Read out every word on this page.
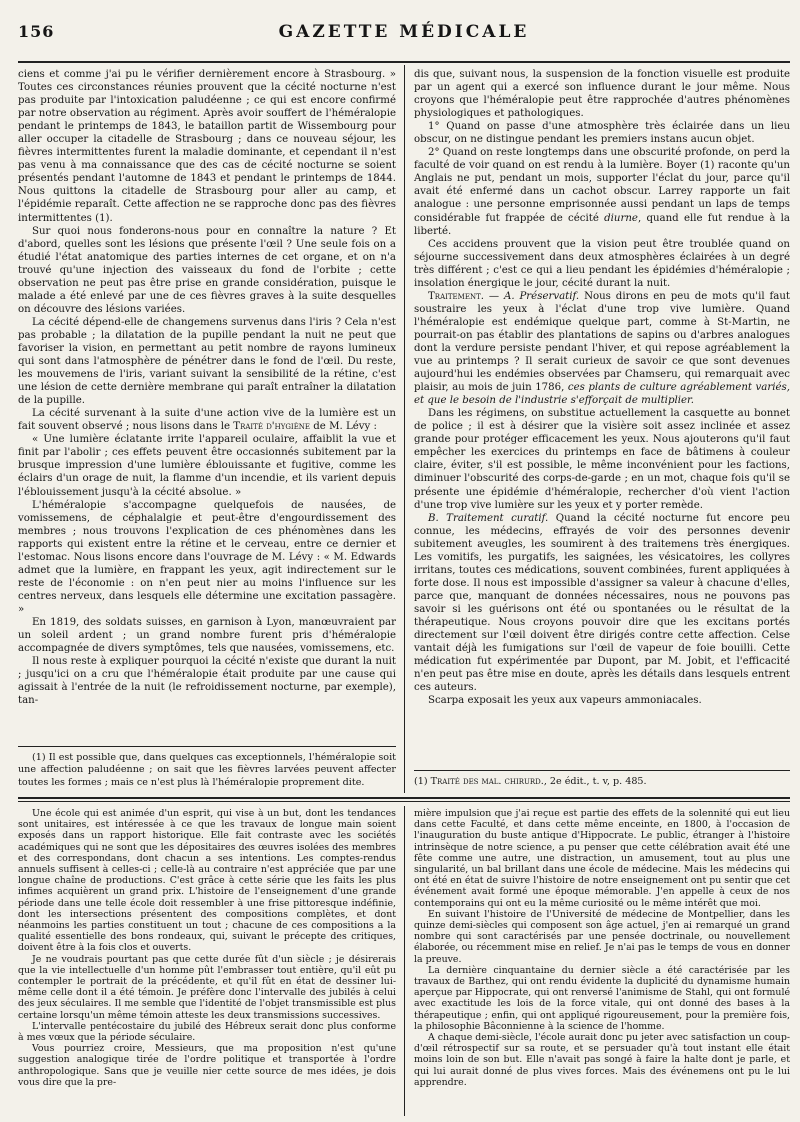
156	GAZETTE MÉDICALE

ciens et comme j'ai pu le vérifier dernièrement encore à Strasbourg. » Toutes ces circonstances réunies prouvent que la cécité nocturne n'est pas produite par l'intoxication paludéenne ; ce qui est encore confirmé par notre observation au régiment. Après avoir souffert de l'héméralopie pendant le printemps de 1843, le bataillon partit de Wissembourg pour aller occuper la citadelle de Strasbourg ; dans ce nouveau séjour, les fièvres intermittentes furent la maladie dominante, et cependant il n'est pas venu à ma connaissance que des cas de cécité nocturne se soient présentés pendant l'automne de 1843 et pendant le printemps de 1844. Nous quittons la citadelle de Strasbourg pour aller au camp, et l'épidémie reparaît. Cette affection ne se rapproche donc pas des fièvres intermittentes (1).

Sur quoi nous fonderons-nous pour en connaître la nature ? Et d'abord, quelles sont les lésions que présente l'œil ? Une seule fois on a étudié l'état anatomique des parties internes de cet organe, et on n'a trouvé qu'une injection des vaisseaux du fond de l'orbite ; cette observation ne peut pas être prise en grande considération, puisque le malade a été enlevé par une de ces fièvres graves à la suite desquelles on découvre des lésions variées.

La cécité dépend-elle de changemens survenus dans l'iris ? Cela n'est pas probable ; la dilatation de la pupille pendant la nuit ne peut que favoriser la vision, en permettant au petit nombre de rayons lumineux qui sont dans l'atmosphère de pénétrer dans le fond de l'œil. Du reste, les mouvemens de l'iris, variant suivant la sensibilité de la rétine, c'est une lésion de cette dernière membrane qui paraît entraîner la dilatation de la pupille.

La cécité survenant à la suite d'une action vive de la lumière est un fait souvent observé ; nous lisons dans le Traité d'hygiène de M. Lévy :

« Une lumière éclatante irrite l'appareil oculaire, affaiblit la vue et finit par l'abolir ; ces effets peuvent être occasionnés subitement par la brusque impression d'une lumière éblouissante et fugitive, comme les éclairs d'un orage de nuit, la flamme d'un incendie, et ils varient depuis l'éblouissement jusqu'à la cécité absolue. »

L'héméralopie s'accompagne quelquefois de nausées, de vomissemens, de céphalalgie et peut-être d'engourdissement des membres ; nous trouvons l'explication de ces phénomènes dans les rapports qui existent entre la rétine et le cerveau, entre ce dernier et l'estomac. Nous lisons encore dans l'ouvrage de M. Lévy : « M. Edwards admet que la lumière, en frappant les yeux, agit indirectement sur le reste de l'économie : on n'en peut nier au moins l'influence sur les centres nerveux, dans lesquels elle détermine une excitation passagère. »

En 1819, des soldats suisses, en garnison à Lyon, manœuvraient par un soleil ardent ; un grand nombre furent pris d'héméralopie accompagnée de divers symptômes, tels que nausées, vomissemens, etc.

Il nous reste à expliquer pourquoi la cécité n'existe que durant la nuit ; jusqu'ici on a cru que l'héméralopie était produite par une cause qui agissait à l'entrée de la nuit (le refroidissement nocturne, par exemple), tan-

(1) Il est possible que, dans quelques cas exceptionnels, l'héméralopie soit une affection paludéenne ; on sait que les fièvres larvées peuvent affecter toutes les formes ; mais ce n'est plus là l'héméralopie proprement dite.

dis que, suivant nous, la suspension de la fonction visuelle est produite par un agent qui a exercé son influence durant le jour même. Nous croyons que l'héméralopie peut être rapprochée d'autres phénomènes physiologiques et pathologiques.

1° Quand on passe d'une atmosphère très éclairée dans un lieu obscur, on ne distingue pendant les premiers instans aucun objet.

2° Quand on reste longtemps dans une obscurité profonde, on perd la faculté de voir quand on est rendu à la lumière. Boyer (1) raconte qu'un Anglais ne put, pendant un mois, supporter l'éclat du jour, parce qu'il avait été enfermé dans un cachot obscur. Larrey rapporte un fait analogue : une personne emprisonnée aussi pendant un laps de temps considérable fut frappée de cécité diurne, quand elle fut rendue à la liberté.

Ces accidens prouvent que la vision peut être troublée quand on séjourne successivement dans deux atmosphères éclairées à un degré très différent ; c'est ce qui a lieu pendant les épidémies d'héméralopie ; insolation énergique le jour, cécité durant la nuit.

Traitement. — A. Préservatif. Nous dirons en peu de mots qu'il faut soustraire les yeux à l'éclat d'une trop vive lumière. Quand l'héméralopie est endémique quelque part, comme à St-Martin, ne pourrait-on pas établir des plantations de sapins ou d'arbres analogues dont la verdure persiste pendant l'hiver, et qui repose agréablement la vue au printemps ? Il serait curieux de savoir ce que sont devenues aujourd'hui les endémies observées par Chamseru, qui remarquait avec plaisir, au mois de juin 1786, ces plants de culture agréablement variés, et que le besoin de l'industrie s'efforçait de multiplier.

Dans les régimens, on substitue actuellement la casquette au bonnet de police ; il est à désirer que la visière soit assez inclinée et assez grande pour protéger efficacement les yeux. Nous ajouterons qu'il faut empêcher les exercices du printemps en face de bâtimens à couleur claire, éviter, s'il est possible, le même inconvénient pour les factions, diminuer l'obscurité des corps-de-garde ; en un mot, chaque fois qu'il se présente une épidémie d'héméralopie, rechercher d'où vient l'action d'une trop vive lumière sur les yeux et y porter remède.

B. Traitement curatif. Quand la cécité nocturne fut encore peu connue, les médecins, effrayés de voir des personnes devenir subitement aveugles, les soumirent à des traitemens très énergiques. Les vomitifs, les purgatifs, les saignées, les vésicatoires, les collyres irritans, toutes ces médications, souvent combinées, furent appliquées à forte dose. Il nous est impossible d'assigner sa valeur à chacune d'elles, parce que, manquant de données nécessaires, nous ne pouvons pas savoir si les guérisons ont été ou spontanées ou le résultat de la thérapeutique. Nous croyons pouvoir dire que les excitans portés directement sur l'œil doivent être dirigés contre cette affection. Celse vantait déjà les fumigations sur l'œil de vapeur de foie bouilli. Cette médication fut expérimentée par Dupont, par M. Jobit, et l'efficacité n'en peut pas être mise en doute, après les détails dans lesquels entrent ces auteurs.

Scarpa exposait les yeux aux vapeurs ammoniacales.

(1) Traité des mal. chirurd., 2e édit., t. v, p. 485.

Une école qui est animée d'un esprit, qui vise à un but, dont les tendances sont unitaires, est intéressée à ce que les travaux de longue main soient exposés dans un rapport historique. Elle fait contraste avec les sociétés académiques qui ne sont que les dépositaires des œuvres isolées des membres et des correspondans, dont chacun a ses intentions. Les comptes-rendus annuels suffisent à celles-ci ; celle-là au contraire n'est appréciée que par une longue chaîne de productions. C'est grâce à cette série que les faits les plus infimes acquièrent un grand prix. L'histoire de l'enseignement d'une grande période dans une telle école doit ressembler à une frise pittoresque indéfinie, dont les intersections présentent des compositions complètes, et dont néanmoins les parties constituent un tout ; chacune de ces compositions a la qualité essentielle des bons rondeaux, qui, suivant le précepte des critiques, doivent être à la fois clos et ouverts.

Je ne voudrais pourtant pas que cette durée fût d'un siècle ; je désirerais que la vie intellectuelle d'un homme pût l'embrasser tout entière, qu'il eût pu contempler le portrait de la précédente, et qu'il fût en état de dessiner lui-même celle dont il a été témoin. Je préfère donc l'intervalle des jubilés à celui des jeux séculaires. Il me semble que l'identité de l'objet transmissible est plus certaine lorsqu'un même témoin atteste les deux transmissions successives.

L'intervalle pentécostaire du jubilé des Hébreux serait donc plus conforme à mes vœux que la période séculaire.

Vous pourriez croire, Messieurs, que ma proposition n'est qu'une suggestion analogique tirée de l'ordre politique et transportée à l'ordre anthropologique. Sans que je veuille nier cette source de mes idées, je dois vous dire que la pre-

mière impulsion que j'ai reçue est partie des effets de la solennité qui eut lieu dans cette Faculté, et dans cette même enceinte, en 1800, à l'occasion de l'inauguration du buste antique d'Hippocrate. Le public, étranger à l'histoire intrinsèque de notre science, a pu penser que cette célébration avait été une fête comme une autre, une distraction, un amusement, tout au plus une singularité, un bal brillant dans une école de médecine. Mais les médecins qui ont été en état de suivre l'histoire de notre enseignement ont pu sentir que cet événement avait formé une époque mémorable. J'en appelle à ceux de nos contemporains qui ont eu la même curiosité ou le même intérêt que moi.

En suivant l'histoire de l'Université de médecine de Montpellier, dans les quinze demi-siècles qui composent son âge actuel, j'en ai remarqué un grand nombre qui sont caractérisés par une pensée doctrinale, ou nouvellement élaborée, ou récemment mise en relief. Je n'ai pas le temps de vous en donner la preuve.

La dernière cinquantaine du dernier siècle a été caractérisée par les travaux de Barthez, qui ont rendu évidente la duplicité du dynamisme humain aperçue par Hippocrate, qui ont renversé l'animisme de Stahl, qui ont formulé avec exactitude les lois de la force vitale, qui ont donné des bases à la thérapeutique ; enfin, qui ont appliqué rigoureusement, pour la première fois, la philosophie Bâconnienne à la science de l'homme.

A chaque demi-siècle, l'école aurait donc pu jeter avec satisfaction un coup-d'œil rétrospectif sur sa route, et se persuader qu'à tout instant elle était moins loin de son but. Elle n'avait pas songé à faire la halte dont je parle, et qui lui aurait donné de plus vives forces. Mais des événemens ont pu le lui apprendre.
